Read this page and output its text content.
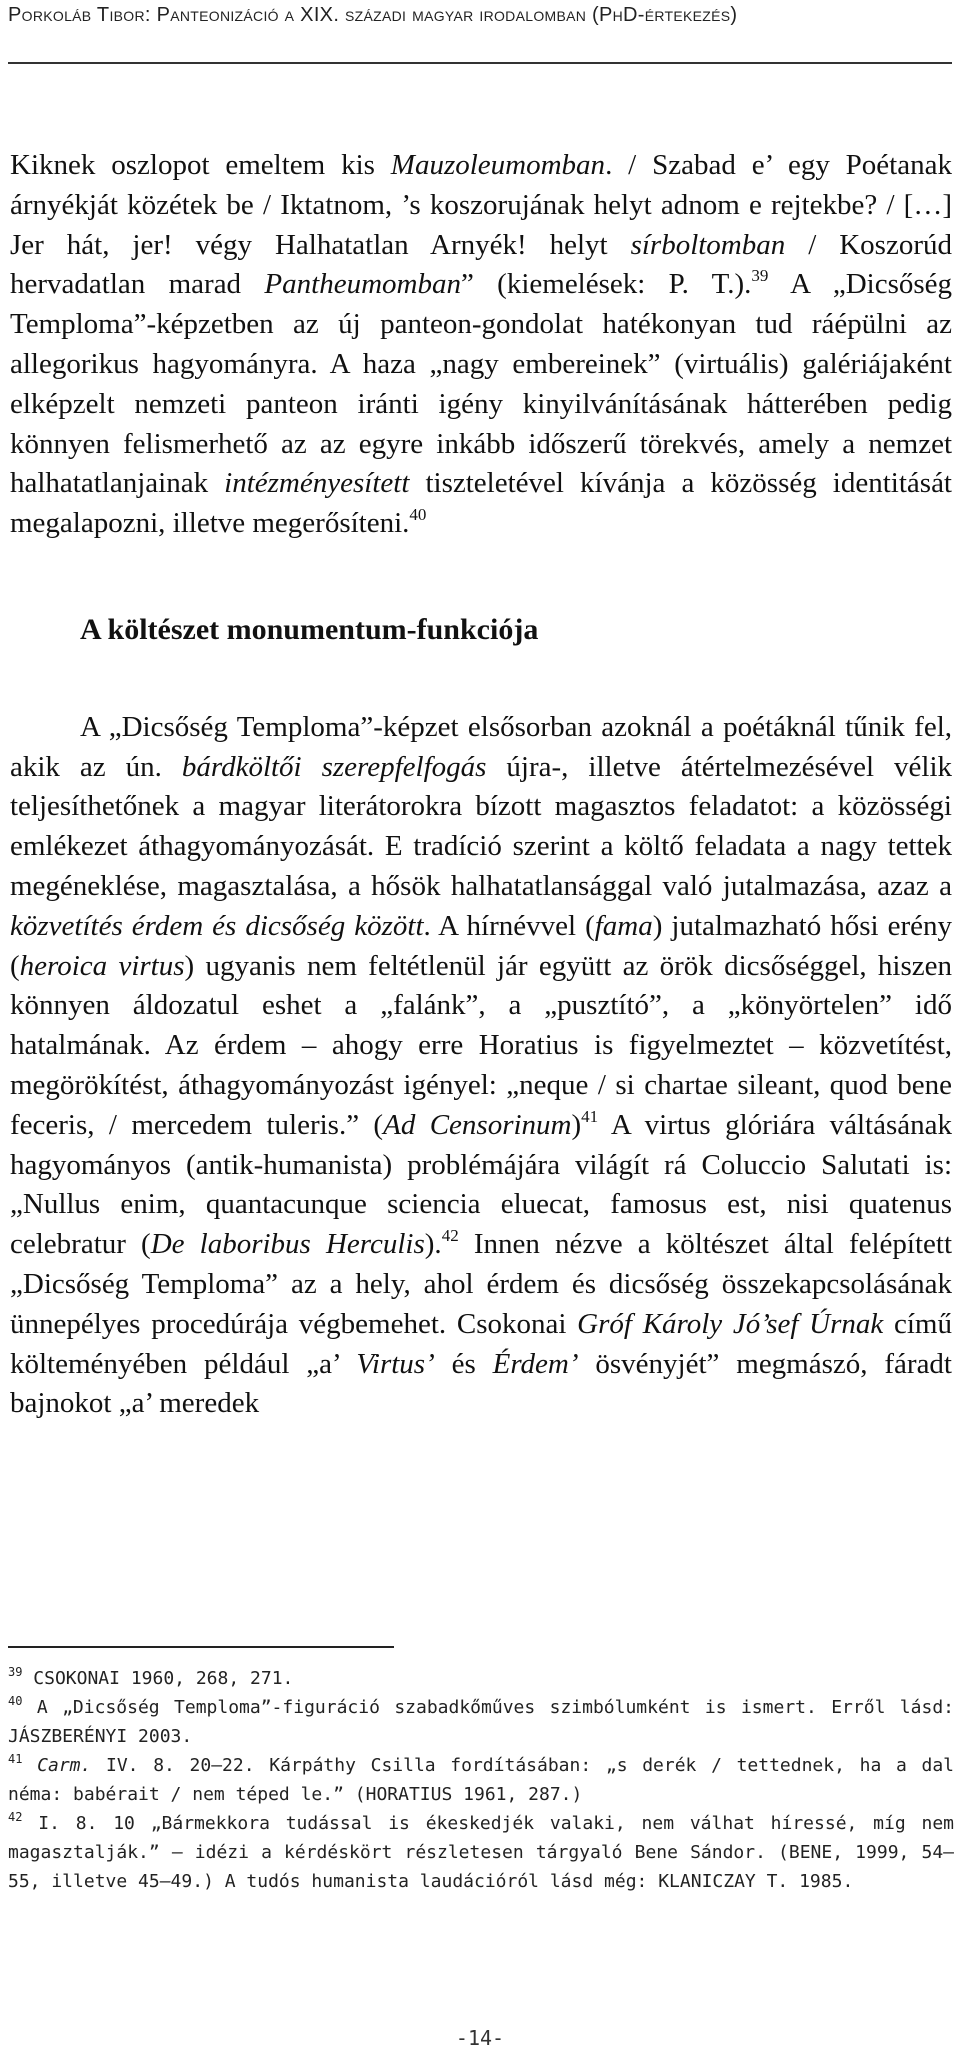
Porkoláb Tibor: Panteonizáció a XIX. századi magyar irodalomban (PhD-értekezés)

Kiknek oszlopot emeltem kis Mauzoleumomban. / Szabad e’ egy Poétanak árnyékját közétek be / Iktatnom, ’s koszorujának helyt adnom e rejtekbe? / […] Jer hát, jer! végy Halhatatlan Arnyék! helyt sírboltomban / Koszorúd hervadatlan marad Pantheumomban” (kiemelések: P. T.).$^{39}$ A „Dicsőség Temploma”-képzetben az új panteon-gondolat hatékonyan tud ráépülni az allegorikus hagyományra. A haza „nagy embereinek” (virtuális) galériájaként elképzelt nemzeti panteon iránti igény kinyilvánításának hátterében pedig könnyen felismerhető az az egyre inkább időszerű törekvés, amely a nemzet halhatatlanjainak intézményesített tiszteletével kívánja a közösség identitását megalapozni, illetve megerősíteni.$^{40}$

A költészet monumentum-funkciója

A „Dicsőség Temploma”-képzet elsősorban azoknál a poétáknál tűnik fel, akik az ún. bárdköltői szerepfelfogás újra-, illetve átértelmezésével vélik teljesíthetőnek a magyar literátorokra bízott magasztos feladatot: a közösségi emlékezet áthagyományozását. E tradíció szerint a költő feladata a nagy tettek megéneklése, magasztalása, a hősök halhatatlansággal való jutalmazása, azaz a közvetítés érdem és dicsőség között. A hírnévvel (fama) jutalmazható hősi erény (heroica virtus) ugyanis nem feltétlenül jár együtt az örök dicsőséggel, hiszen könnyen áldozatul eshet a „falánk”, a „pusztító”, a „könyörtelen” idő hatalmának. Az érdem – ahogy erre Horatius is figyelmeztet – közvetítést, megörökítést, áthagyományozást igényel: „neque / si chartae sileant, quod bene feceris, / mercedem tuleris.” (Ad Censorinum)$^{41}$ A virtus glóriára váltásának hagyományos (antik-humanista) problémájára világít rá Coluccio Salutati is: „Nullus enim, quantacunque sciencia eluecat, famosus est, nisi quatenus celebratur (De laboribus Herculis).$^{42}$ Innen nézve a költészet által felépített „Dicsőség Temploma” az a hely, ahol érdem és dicsőség összekapcsolásának ünnepélyes procedúrája végbemehet. Csokonai Gróf Károly Jó’sef Úrnak című költeményében például „a’ Virtus’ és Érdem’ ösvényjét” megmászó, fáradt bajnokot „a’ meredek

$^{39}$ CSOKONAI 1960, 268, 271.

$^{40}$ A „Dicsőség Temploma”-figuráció szabadkőműves szimbólumként is ismert. Erről lásd: JÁSZBERÉNYI 2003.

$^{41}$ Carm. IV. 8. 20–22. Kárpáthy Csilla fordításában: „s derék / tettednek, ha a dal néma: babérait / nem téped le.” (HORATIUS 1961, 287.)

$^{42}$ I. 8. 10 „Bármekkora tudással is ékeskedjék valaki, nem válhat híressé, míg nem magasztalják.” – idézi a kérdéskört részletesen tárgyaló Bene Sándor. (BENE, 1999, 54–55, illetve 45–49.) A tudós humanista laudációról lásd még: KLANICZAY T. 1985.

-14-
